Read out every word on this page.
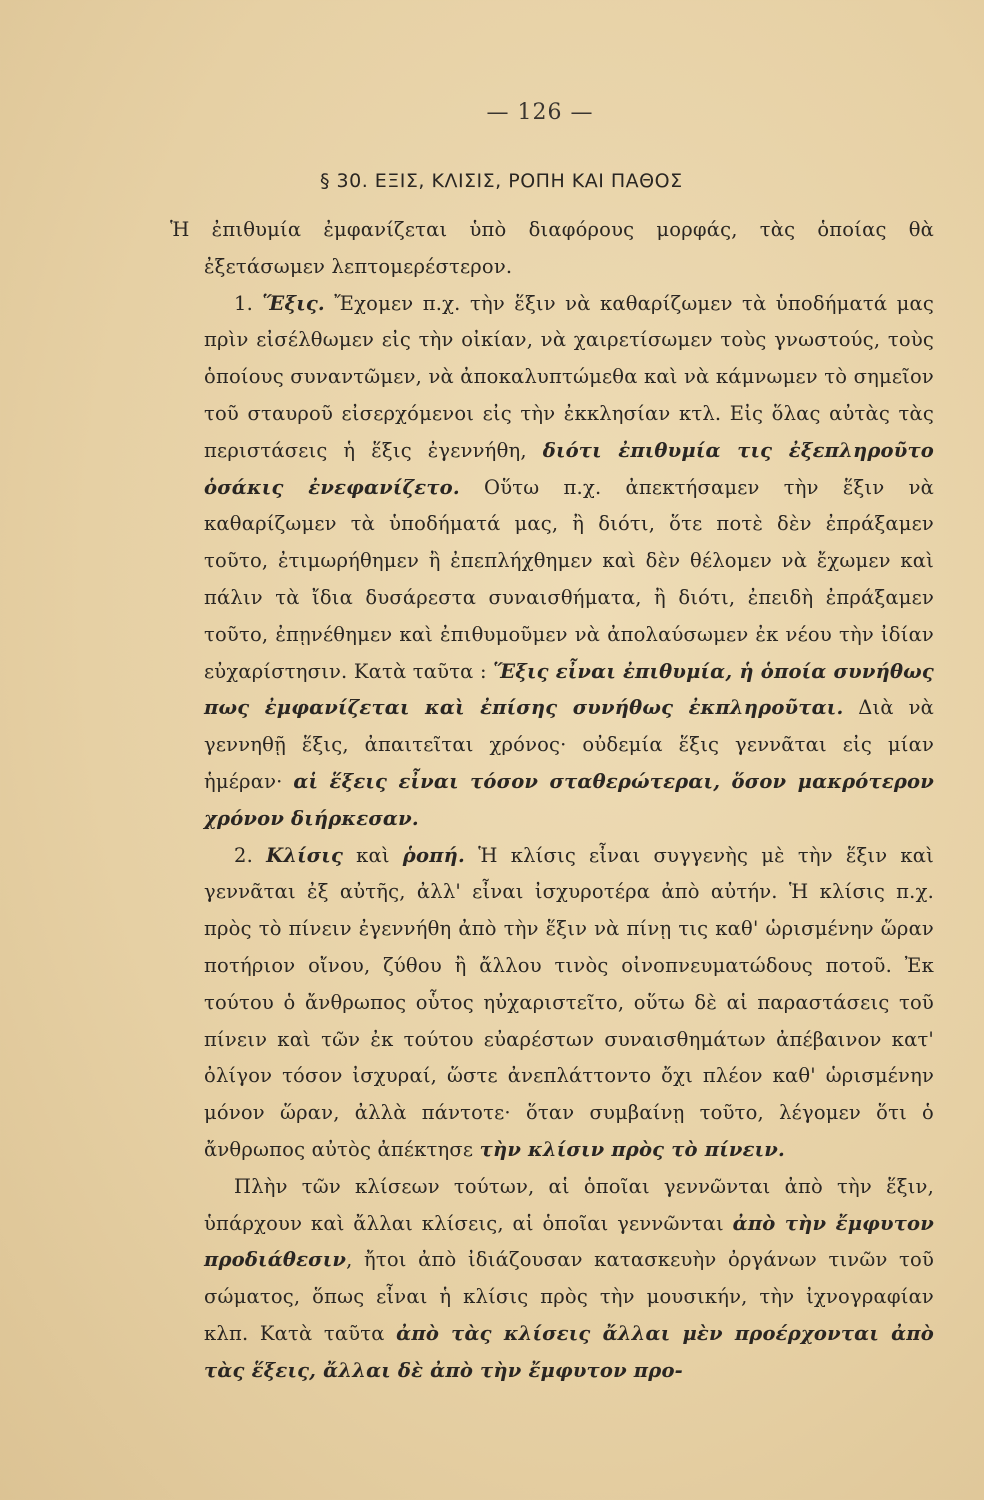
— 126 —
§ 30. ΕΞΙΣ, ΚΛΙΣΙΣ, ΡΟΠΗ ΚΑΙ ΠΑΘΟΣ

Ἡ ἐπιθυμία ἐμφανίζεται ὑπὸ διαφόρους μορφάς, τὰς ὁποίας θὰ ἐξετάσωμεν λεπτομερέστερον.

1. Ἕξις. Ἔχομεν π.χ. τὴν ἕξιν νὰ καθαρίζωμεν τὰ ὑποδήματά μας πρὶν εἰσέλθωμεν εἰς τὴν οἰκίαν, νὰ χαιρετίσωμεν τοὺς γνωστούς, τοὺς ὁποίους συναντῶμεν, νὰ ἀποκαλυπτώμεθα καὶ νὰ κάμνωμεν τὸ σημεῖον τοῦ σταυροῦ εἰσερχόμενοι εἰς τὴν ἐκκλησίαν κτλ. Εἰς ὅλας αὐτὰς τὰς περιστάσεις ἡ ἕξις ἐγεννήθη, διότι ἐπιθυμία τις ἐξεπληροῦτο ὁσάκις ἐνεφανίζετο. Οὕτω π.χ. ἀπεκτήσαμεν τὴν ἕξιν νὰ καθαρίζωμεν τὰ ὑποδήματά μας, ἢ διότι, ὅτε ποτὲ δὲν ἐπράξαμεν τοῦτο, ἐτιμωρήθημεν ἢ ἐπεπλήχθημεν καὶ δὲν θέλομεν νὰ ἔχωμεν καὶ πάλιν τὰ ἴδια δυσάρεστα συναισθήματα, ἢ διότι, ἐπειδὴ ἐπράξαμεν τοῦτο, ἐπῃνέθημεν καὶ ἐπιθυμοῦμεν νὰ ἀπολαύσωμεν ἐκ νέου τὴν ἰδίαν εὐχαρίστησιν. Κατὰ ταῦτα : Ἕξις εἶναι ἐπιθυμία, ἡ ὁποία συνήθως πως ἐμφανίζεται καὶ ἐπίσης συνήθως ἐκπληροῦται. Διὰ νὰ γεννηθῇ ἕξις, ἀπαιτεῖται χρόνος· οὐδεμία ἕξις γεννᾶται εἰς μίαν ἡμέραν· αἱ ἕξεις εἶναι τόσον σταθερώτεραι, ὅσον μακρότερον χρόνον διήρκεσαν.

2. Κλίσις καὶ ῥοπή. Ἡ κλίσις εἶναι συγγενὴς μὲ τὴν ἕξιν καὶ γεννᾶται ἐξ αὐτῆς, ἀλλ' εἶναι ἰσχυροτέρα ἀπὸ αὐτήν. Ἡ κλίσις π.χ. πρὸς τὸ πίνειν ἐγεννήθη ἀπὸ τὴν ἕξιν νὰ πίνῃ τις καθ' ὡρισμένην ὥραν ποτήριον οἴνου, ζύθου ἢ ἄλλου τινὸς οἰνοπνευματώδους ποτοῦ. Ἐκ τούτου ὁ ἄνθρωπος οὗτος ηὐχαριστεῖτο, οὕτω δὲ αἱ παραστάσεις τοῦ πίνειν καὶ τῶν ἐκ τούτου εὐαρέστων συναισθημάτων ἀπέβαινον κατ' ὀλίγον τόσον ἰσχυραί, ὥστε ἀνεπλάττοντο ὄχι πλέον καθ' ὡρισμένην μόνον ὥραν, ἀλλὰ πάντοτε· ὅταν συμβαίνῃ τοῦτο, λέγομεν ὅτι ὁ ἄνθρωπος αὐτὸς ἀπέκτησε τὴν κλίσιν πρὸς τὸ πίνειν.

Πλὴν τῶν κλίσεων τούτων, αἱ ὁποῖαι γεννῶνται ἀπὸ τὴν ἕξιν, ὑπάρχουν καὶ ἄλλαι κλίσεις, αἱ ὁποῖαι γεννῶνται ἀπὸ τὴν ἔμφυτον προδιάθεσιν, ἤτοι ἀπὸ ἰδιάζουσαν κατασκευὴν ὀργάνων τινῶν τοῦ σώματος, ὅπως εἶναι ἡ κλίσις πρὸς τὴν μουσικήν, τὴν ἰχνογραφίαν κλπ. Κατὰ ταῦτα ἀπὸ τὰς κλίσεις ἄλλαι μὲν προέρχονται ἀπὸ τὰς ἕξεις, ἄλλαι δὲ ἀπὸ τὴν ἔμφυτον προ-
